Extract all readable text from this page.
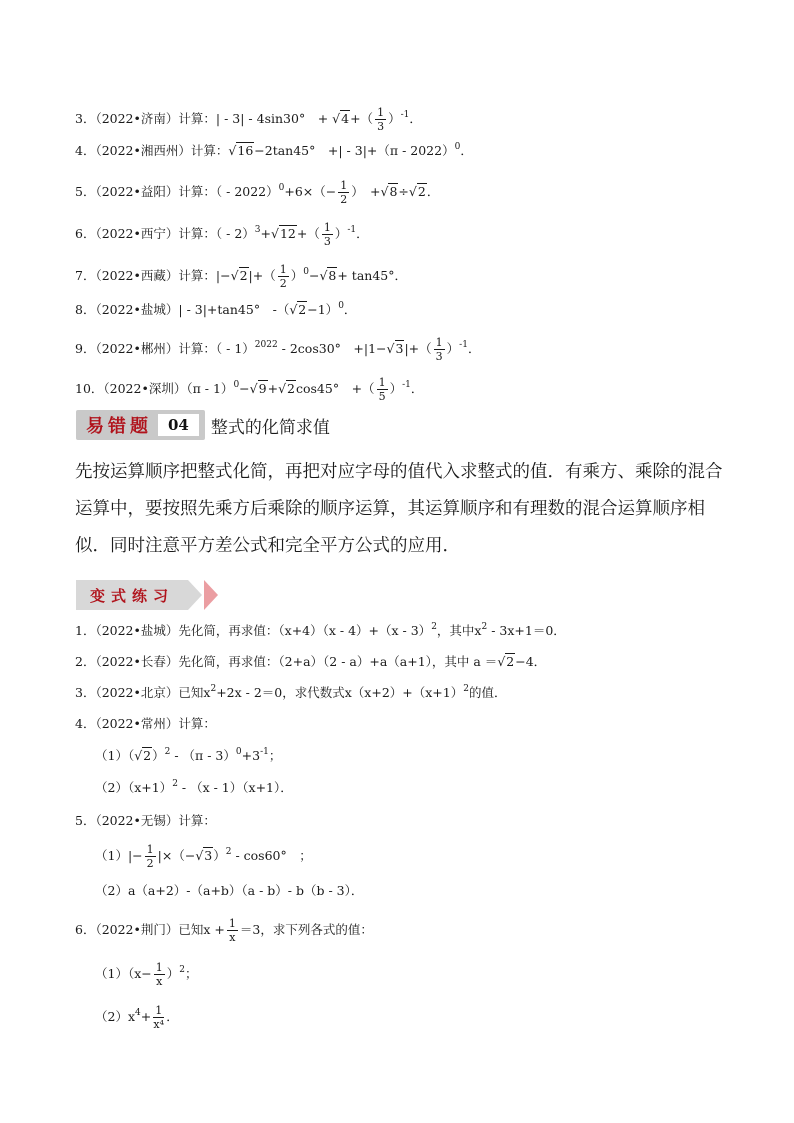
3．（2022•济南）计算：| - 3| - 4sin30°　+ $√4+( \frac{1}{3} )^{-1}$．
4．（2022•湘西州）计算：√16−2tan45°　+| - 3|+（π - 2022）$^0$．
5．（2022•益阳）计算：（ - $2022)^0+6\times(- \frac{1}{2}$ ）　+√8÷√2．
6．（2022•西宁）计算：（ - $2)^3+√12+( \frac{1}{3} )^{-1}$．
7．（2022•西藏）计算：$|-√2|+( \frac{1}{2} )^0-√8+ \tan 45^\circ$．
8．（2022•盐城）| - 3|+tan45°　$-(√2-1)^0$．
9．（2022•郴州）计算：（ - 1）$^{2022}$ - 2cos30°　$+|1-√3|+( \frac{1}{3} )^{-1}$．
10．（2022•深圳）（π - 1）$^0$−√9+√2cos45°　+（ $\frac{1}{5} )^{-1}$．
易错题	04	整式的化简求值
先按运算顺序把整式化简，再把对应字母的值代入求整式的值．有乘方、乘除的混合运算中，要按照先乘方后乘除的顺序运算，其运算顺序和有理数的混合运算顺序相似．同时注意平方差公式和完全平方公式的应用．
变式练习
1．（2022•盐城）先化简，再求值：（x+4）（x - 4）+（x - 3）$^2$，其中$x^2 - 3x+1=0$．
2．（2022•长春）先化简，再求值：（2+a）（2 - a）+a（a+1），其中 a ＝√2−4．
3．（2022•北京）已知$x^2+2x - 2=0$，求代数式$x(x+2)+(x+1)^2$的值．
4．（2022•常州）计算：
$(1)(√2)^2 - (\pi - 3)^0+3^{-1}$；
$(2)(x+1)^2 - (x - 1)(x+1)$．
5．（2022•无锡）计算：
$(1)|- \frac{1}{2} |\times(-√3)^2 - \cos 60^\circ$　；
（2）a（a+2）-（a+b）（a - b）- b（b - 3）．
6．（2022•荆门）已知$x + \frac{1}{x} =3$，求下列各式的值：
$(1)(x- \frac{1}{x} )^2$；
$(2)x^4+ \frac{1}{\text{x⁴}}$ ．
